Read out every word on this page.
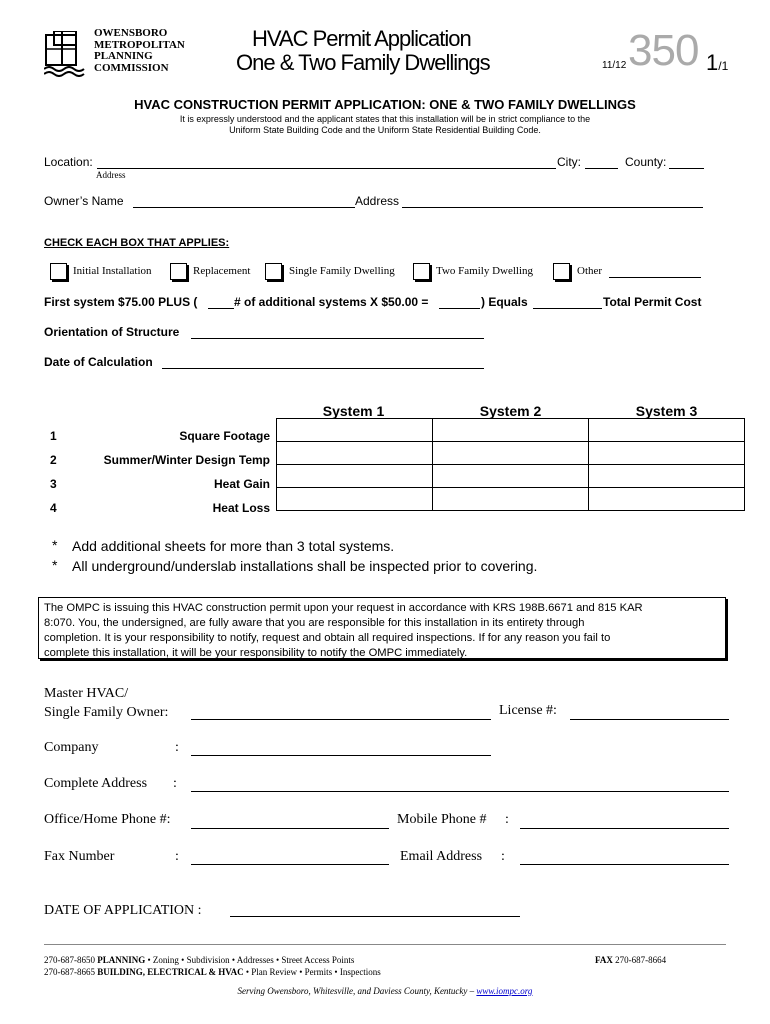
OWENSBORO
METROPOLITAN
PLANNING
COMMISSION
HVAC Permit Application
One & Two Family Dwellings	11/12 350 1/1
HVAC CONSTRUCTION PERMIT APPLICATION: ONE & TWO FAMILY DWELLINGS
It is expressly understood and the applicant states that this installation will be in strict compliance to the
Uniform State Building Code and the Uniform State Residential Building Code.
Location:
Address
City:	County:
Owner’s Name	Address
CHECK EACH BOX THAT APPLIES:
Initial Installation	Replacement	Single Family Dwelling	Two Family Dwelling	Other
First system $75.00 PLUS (	# of additional systems X $50.00 =	) Equals	Total Permit Cost
Orientation of Structure
Date of Calculation
System 1	System 2	System 3
1	Square Footage
2	Summer/Winter Design Temp
3	Heat Gain
4	Heat Loss

* Add additional sheets for more than 3 total systems.
* All underground/underslab installations shall be inspected prior to covering.
The OMPC is issuing this HVAC construction permit upon your request in accordance with KRS 198B.6671 and 815 KAR
8:070. You, the undersigned, are fully aware that you are responsible for this installation in its entirety through
completion. It is your responsibility to notify, request and obtain all required inspections. If for any reason you fail to
complete this installation, it will be your responsibility to notify the OMPC immediately.
Master HVAC/
Single Family Owner:	License #:
Company	:
Complete Address :
Office/Home Phone #:	Mobile Phone # :
Fax Number	:	Email Address :
DATE OF APPLICATION :
270-687-8650 PLANNING • Zoning • Subdivision • Addresses • Street Access Points	FAX 270-687-8664
270-687-8665 BUILDING, ELECTRICAL & HVAC • Plan Review • Permits • Inspections
Serving Owensboro, Whitesville, and Daviess County, Kentucky – www.iompc.org
